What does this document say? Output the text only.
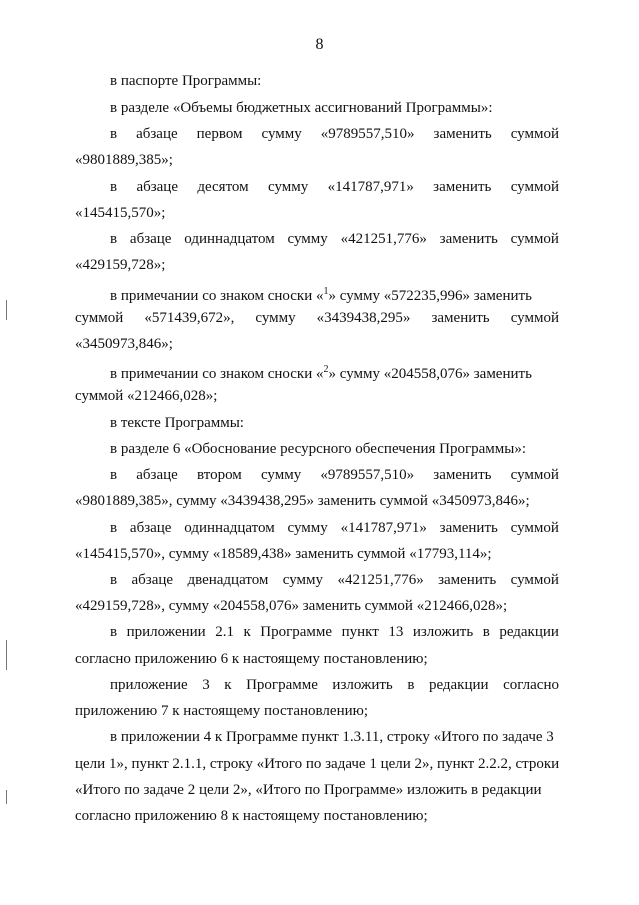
8
в паспорте Программы:
в разделе «Объемы бюджетных ассигнований Программы»:
в абзаце первом сумму «9789557,510» заменить суммой
«9801889,385»;
в абзаце десятом сумму «141787,971» заменить суммой
«145415,570»;
в абзаце одиннадцатом сумму «421251,776» заменить суммой
«429159,728»;
в примечании со знаком сноски «$^1$» сумму «572235,996» заменить
суммой «571439,672», сумму «3439438,295» заменить суммой
«3450973,846»;
в примечании со знаком сноски «$^2$» сумму «204558,076» заменить
суммой «212466,028»;
в тексте Программы:
в разделе 6 «Обоснование ресурсного обеспечения Программы»:
в абзаце втором сумму «9789557,510» заменить суммой
«9801889,385», сумму «3439438,295» заменить суммой «3450973,846»;
в абзаце одиннадцатом сумму «141787,971» заменить суммой
«145415,570», сумму «18589,438» заменить суммой «17793,114»;
в абзаце двенадцатом сумму «421251,776» заменить суммой
«429159,728», сумму «204558,076» заменить суммой «212466,028»;
в приложении 2.1 к Программе пункт 13 изложить в редакции
согласно приложению 6 к настоящему постановлению;
приложение 3 к Программе изложить в редакции согласно
приложению 7 к настоящему постановлению;
в приложении 4 к Программе пункт 1.3.11, строку «Итого по задаче 3
цели 1», пункт 2.1.1, строку «Итого по задаче 1 цели 2», пункт 2.2.2, строки
«Итого по задаче 2 цели 2», «Итого по Программе» изложить в редакции
согласно приложению 8 к настоящему постановлению;
